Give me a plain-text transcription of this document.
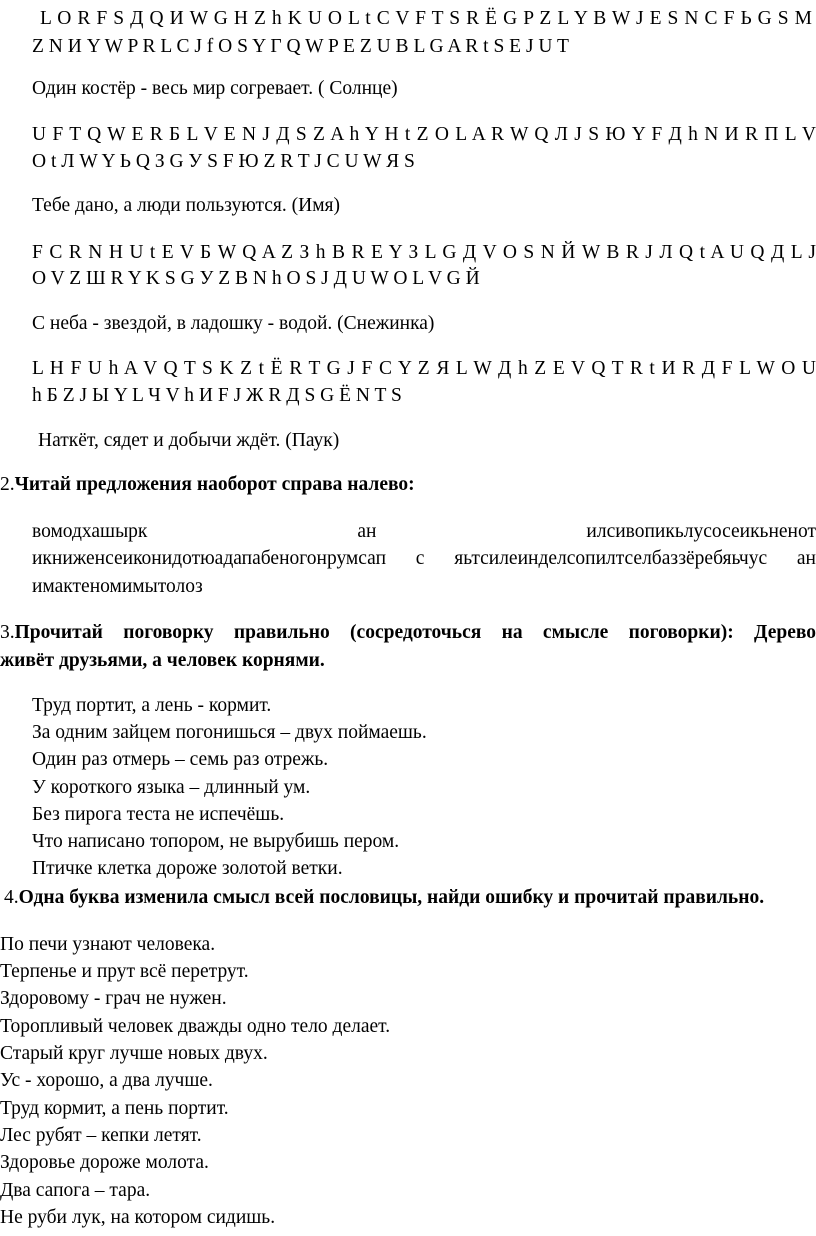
L O R F S Д Q И W G H Z h K U O L t C V F T S R Ё G P Z L Y B W J E S N C F Ь G S M
Z N И Y W P R L C J f O S Y Г Q W P E Z U B L G A R t S E J U T
Один костёр - весь мир согревает. ( Солнце)
U F T Q W E R Б L V E N J Д S Z A h Y H t Z O L A R W Q Л J S Ю Y F Д h N И R П L V
O t Л W Y Ь Q З G У S F Ю Z R T J C U W Я S
Тебе дано, а люди пользуются. (Имя)
F C R N H U t E V Б W Q A Z З h B R E Y З L G Д V O S N Й W B R J Л Q t A U Q Д L J
O V Z Ш R Y K S G У Z B N h O S J Д U W O L V G Й
С неба - звездой, в ладошку - водой. (Снежинка)
L H F U h A V Q T S K Z t Ё R T G J F C Y Z Я L W Д h Z E V Q T R t И R Д F L W O U
h Б Z J Ы Y L Ч V h И F J Ж R Д S G Ё N T S
Наткёт, сядет и добычи ждёт. (Паук)
2.Читай предложения наоборот справа налево:
вомодхашырк	ан	илсивопикьлусосеикьненот
икниженсеиконидотюадапабеногонрумсап с яьтсилеинделсопилтселбаззёребяьчус ан
имактеномимытолоз
3.Прочитай поговорку правильно (сосредоточься на смысле поговорки): Дерево
живёт друзьями, а человек корнями.
Труд портит, а лень - кормит.
За одним зайцем погонишься – двух поймаешь.
Один раз отмерь – семь раз отрежь.
У короткого языка – длинный ум.
Без пирога теста не испечёшь.
Что написано топором, не вырубишь пером.
Птичке клетка дороже золотой ветки.
4.Одна буква изменила смысл всей пословицы, найди ошибку и прочитай правильно.
По печи узнают человека.
Терпенье и прут всё перетрут.
Здоровому - грач не нужен.
Торопливый человек дважды одно тело делает.
Старый круг лучше новых двух.
Ус - хорошо, а два лучше.
Труд кормит, а пень портит.
Лес рубят – кепки летят.
Здоровье дороже молота.
Два сапога – тара.
Не руби лук, на котором сидишь.
